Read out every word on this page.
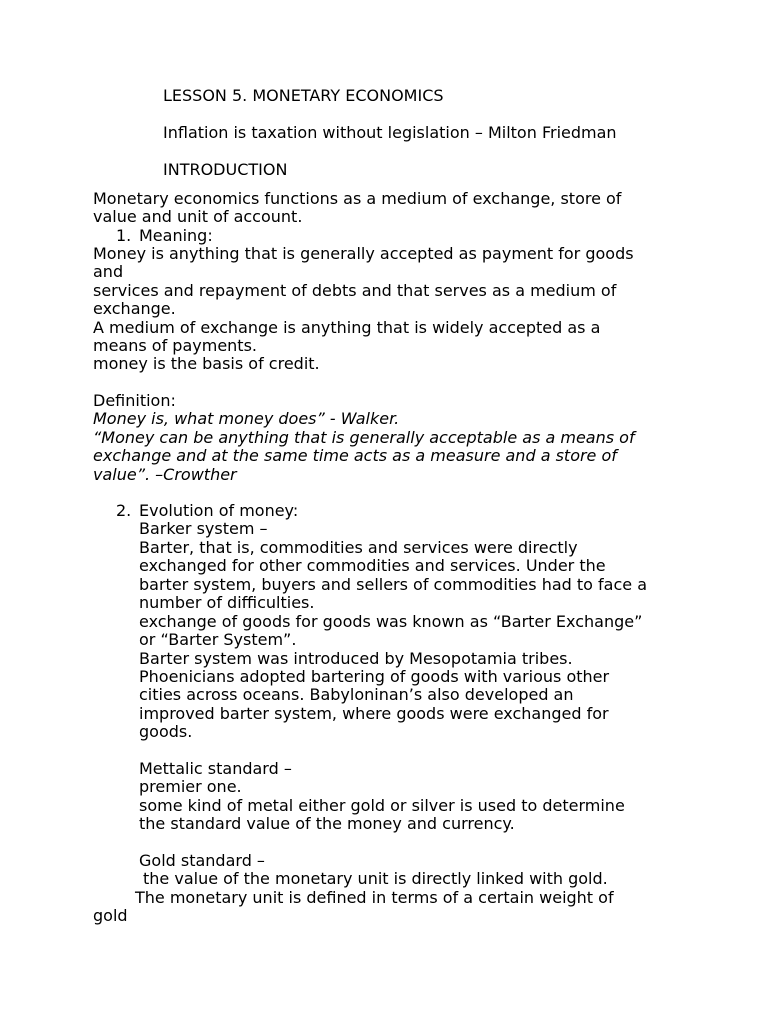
LESSON 5. MONETARY ECONOMICS

Inflation is taxation without legislation – Milton Friedman

INTRODUCTION

Monetary economics functions as a medium of exchange, store of

value and unit of account.

1. Meaning:

Money is anything that is generally accepted as payment for goods

and

services and repayment of debts and that serves as a medium of

exchange.

A medium of exchange is anything that is widely accepted as a

means of payments.

money is the basis of credit.

Definition:

Money is, what money does” - Walker.

“Money can be anything that is generally acceptable as a means of

exchange and at the same time acts as a measure and a store of

value”. –Crowther

2. Evolution of money:

Barker system –

Barter, that is, commodities and services were directly

exchanged for other commodities and services. Under the

barter system, buyers and sellers of commodities had to face a

number of difficulties.

exchange of goods for goods was known as “Barter Exchange”

or “Barter System”.

Barter system was introduced by Mesopotamia tribes.

Phoenicians adopted bartering of goods with various other

cities across oceans. Babyloninan’s also developed an

improved barter system, where goods were exchanged for

goods.

Mettalic standard –

premier one.

some kind of metal either gold or silver is used to determine

the standard value of the money and currency.

Gold standard –

the value of the monetary unit is directly linked with gold.

The monetary unit is defined in terms of a certain weight of

gold
